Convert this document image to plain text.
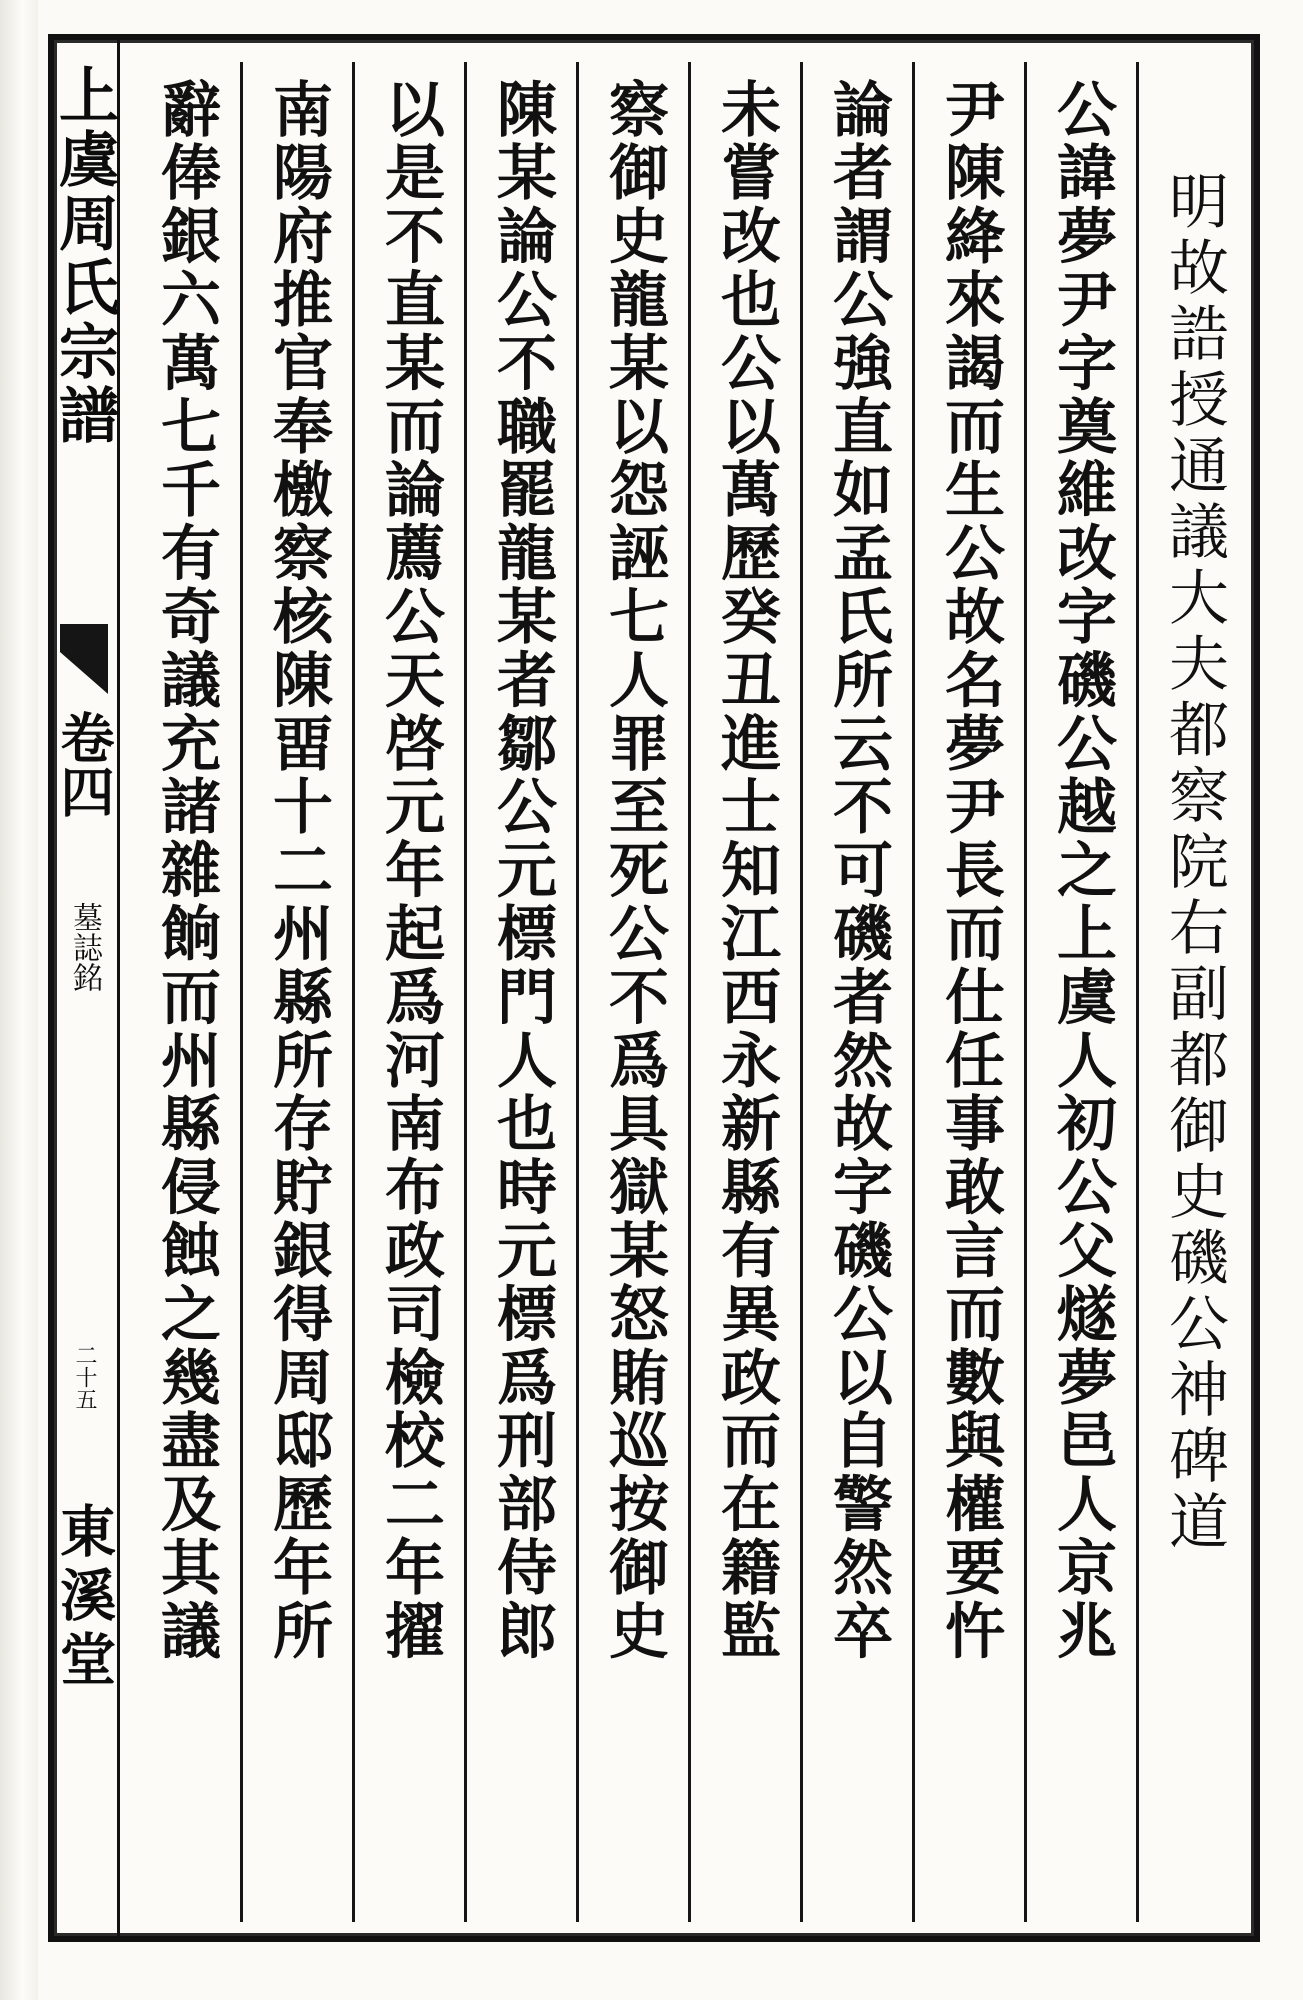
上虞周氏宗譜
卷四
墓誌銘
二十五
東溪堂
明故誥授通議大夫都察院右副都御史磯公神碑道
公諱夢尹字奠維改字磯公越之上虞人初公父燧夢邑人京兆
尹陳絳來謁而生公故名夢尹長而仕任事敢言而數與權要忤
論者謂公強直如孟氏所云不可磯者然故字磯公以自警然卒
未嘗改也公以萬歷癸丑進士知江西永新縣有異政而在籍監
察御史龍某以怨誣七人罪至死公不爲具獄某怒賄巡按御史
陳某論公不職罷龍某者鄒公元標門人也時元標爲刑部侍郎
以是不直某而論薦公天啓元年起爲河南布政司檢校二年擢
南陽府推官奉檄察核陳畱十二州縣所存貯銀得周邸歷年所
辭俸銀六萬七千有奇議充諸雜餉而州縣侵蝕之幾盡及其議
